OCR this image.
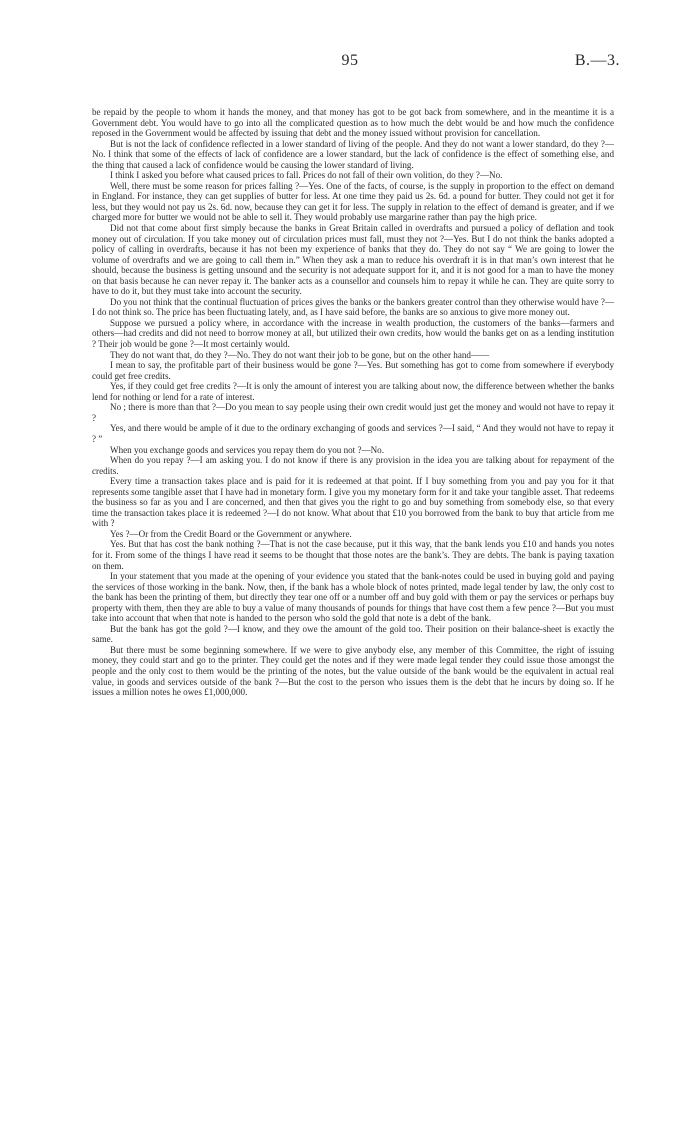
95	B.—3.

be repaid by the people to whom it hands the money, and that money has got to be got back from somewhere, and in the meantime it is a Government debt. You would have to go into all the complicated question as to how much the debt would be and how much the confidence reposed in the Government would be affected by issuing that debt and the money issued without provision for cancellation.

But is not the lack of confidence reflected in a lower standard of living of the people. And they do not want a lower standard, do they ?—No. I think that some of the effects of lack of confidence are a lower standard, but the lack of confidence is the effect of something else, and the thing that caused a lack of confidence would be causing the lower standard of living.

I think I asked you before what caused prices to fall. Prices do not fall of their own volition, do they ?—No.

Well, there must be some reason for prices falling ?—Yes. One of the facts, of course, is the supply in proportion to the effect on demand in England. For instance, they can get supplies of butter for less. At one time they paid us 2s. 6d. a pound for butter. They could not get it for less, but they would not pay us 2s. 6d. now, because they can get it for less. The supply in relation to the effect of demand is greater, and if we charged more for butter we would not be able to sell it. They would probably use margarine rather than pay the high price.

Did not that come about first simply because the banks in Great Britain called in overdrafts and pursued a policy of deflation and took money out of circulation. If you take money out of circulation prices must fall, must they not ?—Yes. But I do not think the banks adopted a policy of calling in overdrafts, because it has not been my experience of banks that they do. They do not say “ We are going to lower the volume of overdrafts and we are going to call them in.” When they ask a man to reduce his overdraft it is in that man’s own interest that he should, because the business is getting unsound and the security is not adequate support for it, and it is not good for a man to have the money on that basis because he can never repay it. The banker acts as a counsellor and counsels him to repay it while he can. They are quite sorry to have to do it, but they must take into account the security.

Do you not think that the continual fluctuation of prices gives the banks or the bankers greater control than they otherwise would have ?—I do not think so. The price has been fluctuating lately, and, as I have said before, the banks are so anxious to give more money out.

Suppose we pursued a policy where, in accordance with the increase in wealth production, the customers of the banks—farmers and others—had credits and did not need to borrow money at all, but utilized their own credits, how would the banks get on as a lending institution ? Their job would be gone ?—It most certainly would.

They do not want that, do they ?—No. They do not want their job to be gone, but on the other hand——

I mean to say, the profitable part of their business would be gone ?—Yes. But something has got to come from somewhere if everybody could get free credits.

Yes, if they could get free credits ?—It is only the amount of interest you are talking about now, the difference between whether the banks lend for nothing or lend for a rate of interest.

No ; there is more than that ?—Do you mean to say people using their own credit would just get the money and would not have to repay it ?

Yes, and there would be ample of it due to the ordinary exchanging of goods and services ?—I said, “ And they would not have to repay it ? ”

When you exchange goods and services you repay them do you not ?—No.

When do you repay ?—I am asking you. I do not know if there is any provision in the idea you are talking about for repayment of the credits.

Every time a transaction takes place and is paid for it is redeemed at that point. If I buy something from you and pay you for it that represents some tangible asset that I have had in monetary form. I give you my monetary form for it and take your tangible asset. That redeems the business so far as you and I are concerned, and then that gives you the right to go and buy something from somebody else, so that every time the transaction takes place it is redeemed ?—I do not know. What about that £10 you borrowed from the bank to buy that article from me with ?

Yes ?—Or from the Credit Board or the Government or anywhere.

Yes. But that has cost the bank nothing ?—That is not the case because, put it this way, that the bank lends you £10 and hands you notes for it. From some of the things I have read it seems to be thought that those notes are the bank’s. They are debts. The bank is paying taxation on them.

In your statement that you made at the opening of your evidence you stated that the bank-notes could be used in buying gold and paying the services of those working in the bank. Now, then, if the bank has a whole block of notes printed, made legal tender by law, the only cost to the bank has been the printing of them, but directly they tear one off or a number off and buy gold with them or pay the services or perhaps buy property with them, then they are able to buy a value of many thousands of pounds for things that have cost them a few pence ?—But you must take into account that when that note is handed to the person who sold the gold that note is a debt of the bank.

But the bank has got the gold ?—I know, and they owe the amount of the gold too. Their position on their balance-sheet is exactly the same.

But there must be some beginning somewhere. If we were to give anybody else, any member of this Committee, the right of issuing money, they could start and go to the printer. They could get the notes and if they were made legal tender they could issue those amongst the people and the only cost to them would be the printing of the notes, but the value outside of the bank would be the equivalent in actual real value, in goods and services outside of the bank ?—But the cost to the person who issues them is the debt that he incurs by doing so. If he issues a million notes he owes £1,000,000.
